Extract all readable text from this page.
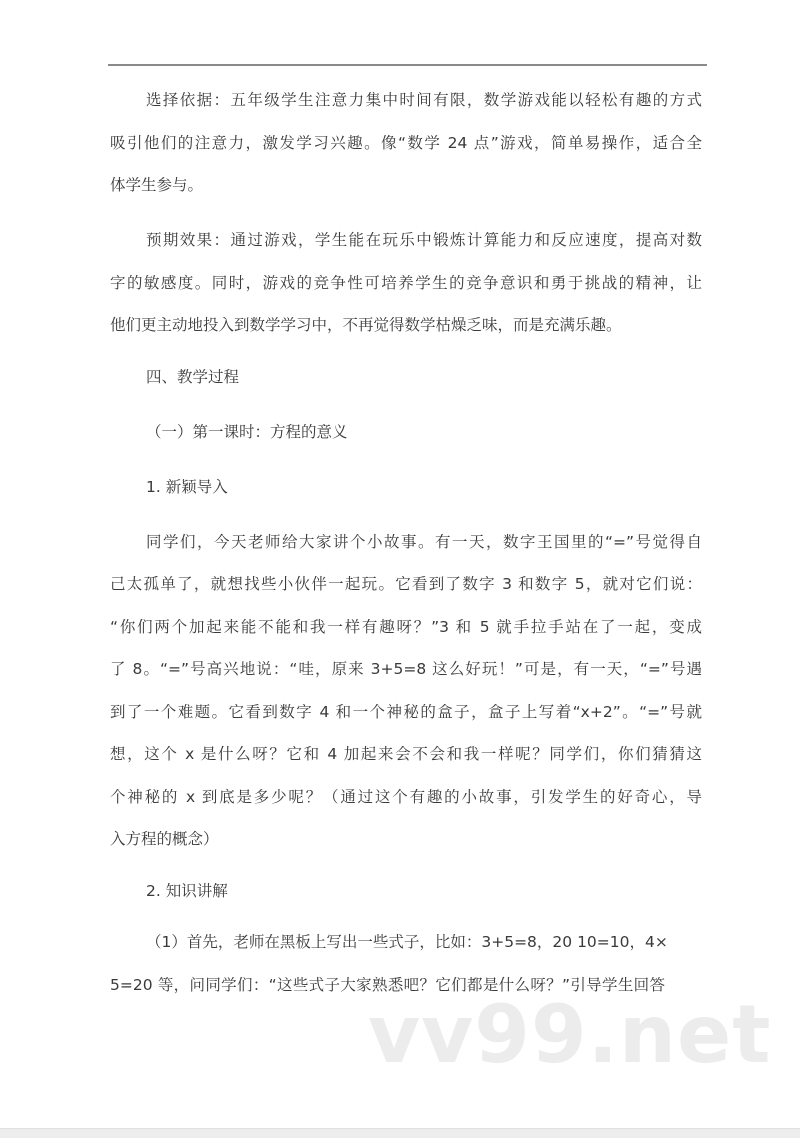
选择依据：五年级学生注意力集中时间有限，数学游戏能以轻松有趣的方式
吸引他们的注意力，激发学习兴趣。像“数学 24 点”游戏，简单易操作，适合全
体学生参与。
预期效果：通过游戏，学生能在玩乐中锻炼计算能力和反应速度，提高对数
字的敏感度。同时，游戏的竞争性可培养学生的竞争意识和勇于挑战的精神，让
他们更主动地投入到数学学习中，不再觉得数学枯燥乏味，而是充满乐趣。
四、教学过程
（一）第一课时：方程的意义
1. 新颖导入
同学们，今天老师给大家讲个小故事。有一天，数字王国里的“=”号觉得自
己太孤单了，就想找些小伙伴一起玩。它看到了数字 3 和数字 5，就对它们说：
“你们两个加起来能不能和我一样有趣呀？”3 和 5 就手拉手站在了一起，变成
了 8。“=”号高兴地说：“哇，原来 3+5=8 这么好玩！”可是，有一天，“=”号遇
到了一个难题。它看到数字 4 和一个神秘的盒子，盒子上写着“x+2”。“=”号就
想，这个 x 是什么呀？它和 4 加起来会不会和我一样呢？同学们，你们猜猜这
个神秘的 x 到底是多少呢？（通过这个有趣的小故事，引发学生的好奇心，导
入方程的概念）
2. 知识讲解
（1）首先，老师在黑板上写出一些式子，比如：3+5=8，20 10=10，4×
5=20 等，问同学们：“这些式子大家熟悉吧？它们都是什么呀？”引导学生回答
vv99.net
